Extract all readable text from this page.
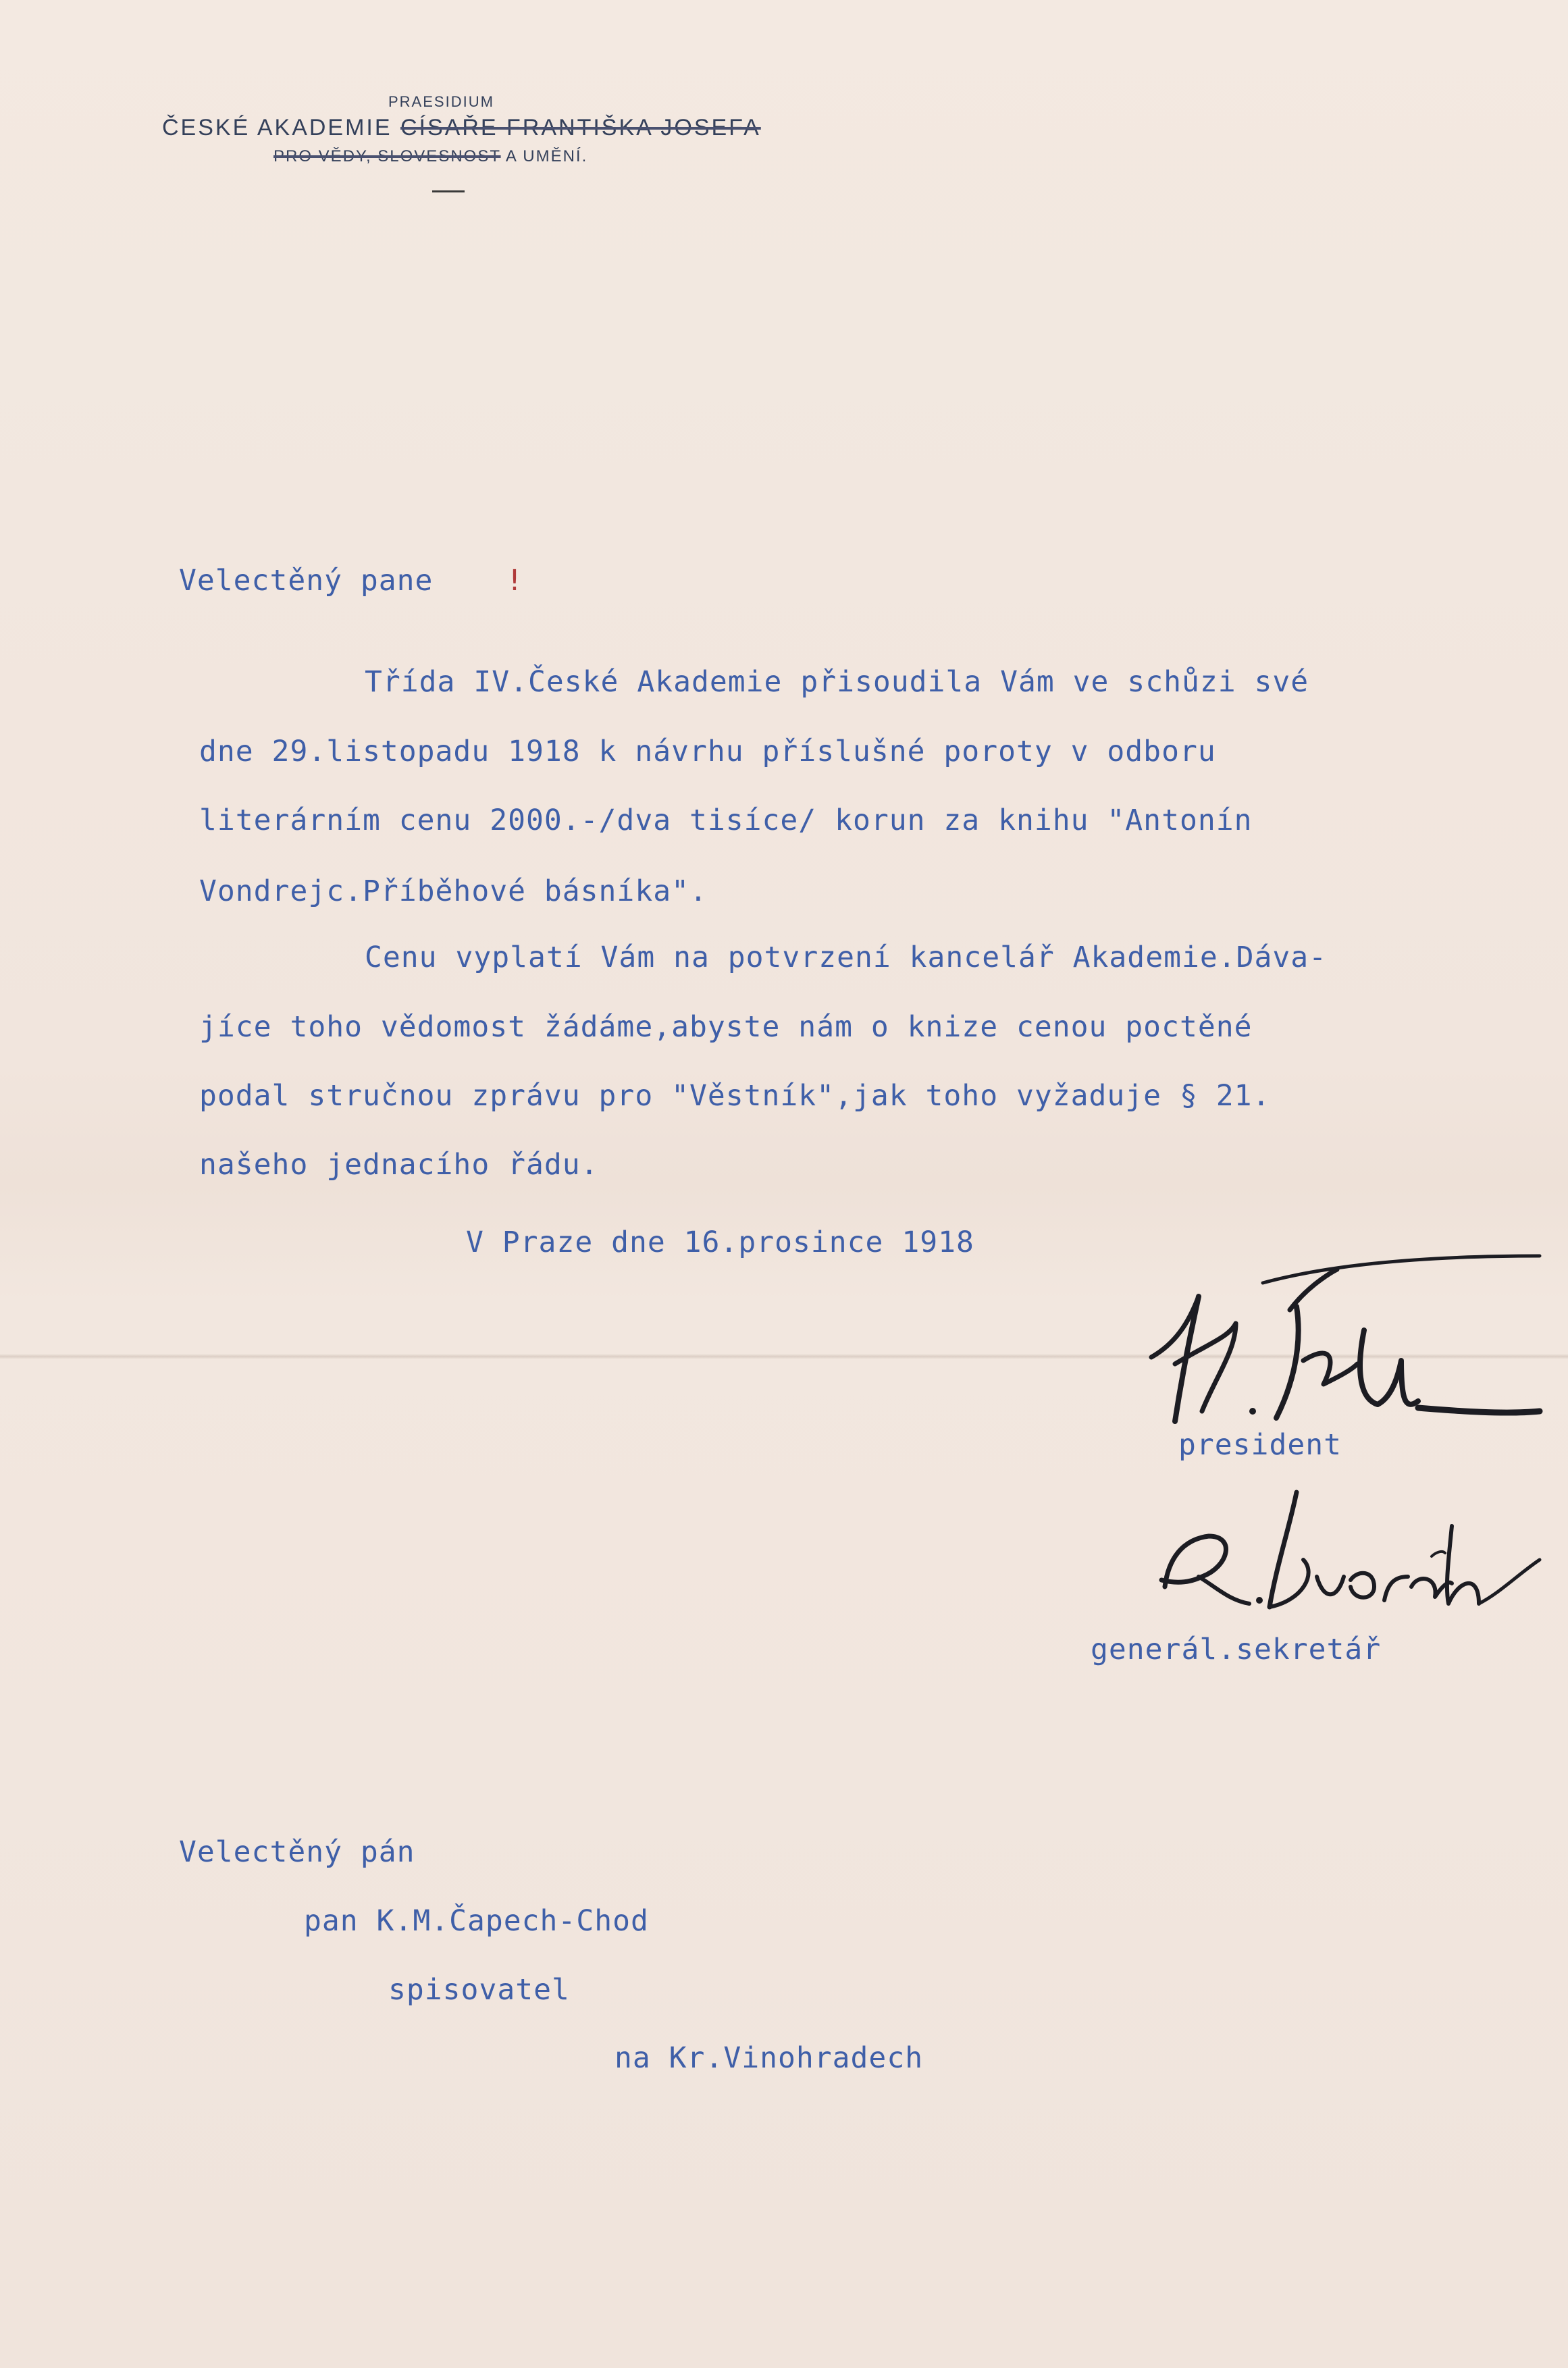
PRAESIDIUM
ČESKÉ AKADEMIE CÍSAŘE FRANTIŠKA JOSEFA
PRO VĚDY, SLOVESNOST A UMĚNÍ.
Velectěný pane	!
Třída IV.České Akademie přisoudila Vám ve schůzi své
dne 29.listopadu 1918 k návrhu příslušné poroty v odboru
literárním cenu 2000.-/dva tisíce/ korun za knihu "Antonín
Vondrejc.Příběhové básníka".
Cenu vyplatí Vám na potvrzení kancelář Akademie.Dáva-
jíce toho vědomost žádáme,abyste nám o knize cenou poctěné
podal stručnou zprávu pro "Věstník",jak toho vyžaduje § 21.
našeho jednacího řádu.
V Praze dne 16.prosince 1918
president
generál.sekretář
Velectěný pán
pan K.M.Čapech-Chod
spisovatel
na Kr.Vinohradech
